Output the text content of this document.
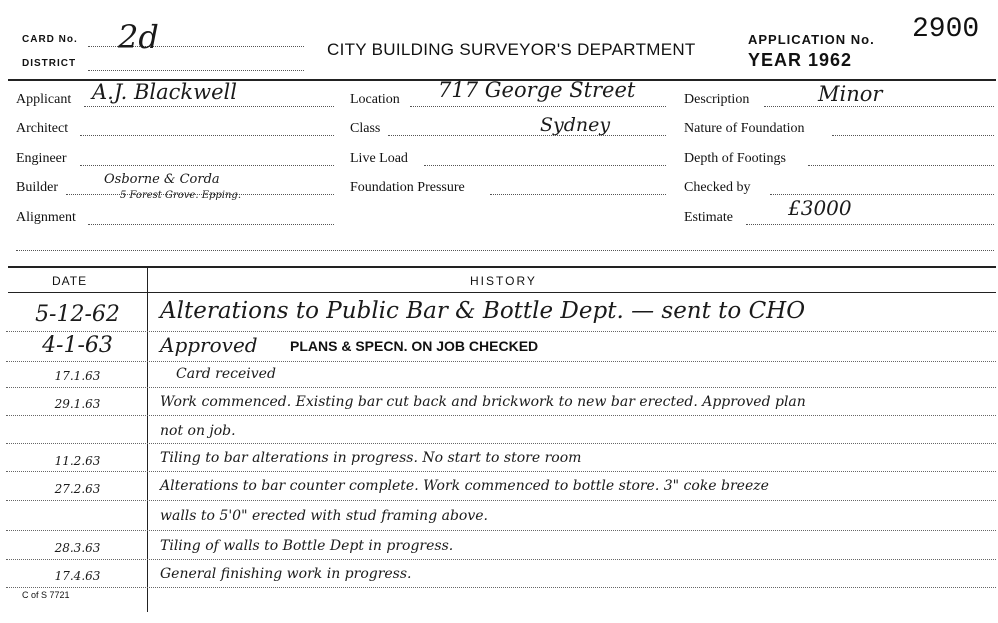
CARD No. 2d
DISTRICT
CITY BUILDING SURVEYOR'S DEPARTMENT
APPLICATION No. 2900
YEAR 1962
Applicant A.J. Blackwell
Architect
Engineer
Builder
Osborne & Corda
5 Forest Grove. Epping.
Alignment
Location 717 George Street
Class	Sydney
Live Load
Foundation Pressure
Description	Minor
Nature of Foundation
Depth of Footings
Checked by
Estimate	£3000
DATE	HISTORY
5-12-62	Alterations to Public Bar & Bottle Dept. — sent to CHO
4-1-63	Approved PLANS & SPECN. ON JOB CHECKED
17.1.63	Card received
29.1.63	Work commenced. Existing bar cut back and brickwork to new bar erected. Approved plan
not on job.
11.2.63	Tiling to bar alterations in progress. No start to store room
27.2.63	Alterations to bar counter complete. Work commenced to bottle store. 3" coke breeze
walls to 5'0" erected with stud framing above.
28.3.63	Tiling of walls to Bottle Dept in progress.
17.4.63	General finishing work in progress.
C of S 7721
